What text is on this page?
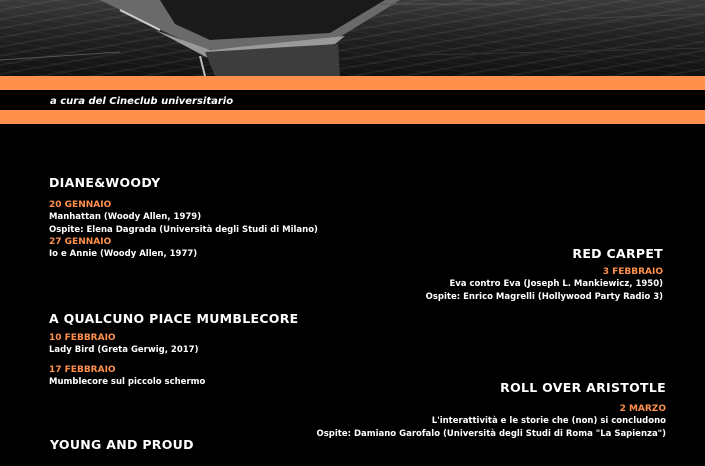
a cura del Cineclub universitario
DIANE&WOODY
20 GENNAIO
Manhattan (Woody Allen, 1979)
Ospite: Elena Dagrada (Università degli Studi di Milano)
27 GENNAIO
Io e Annie (Woody Allen, 1977)	RED CARPET
3 FEBBRAIO
Eva contro Eva (Joseph L. Mankiewicz, 1950)
Ospite: Enrico Magrelli (Hollywood Party Radio 3)
A QUALCUNO PIACE MUMBLECORE
10 FEBBRAIO
Lady Bird (Greta Gerwig, 2017)
17 FEBBRAIO
Mumblecore sul piccolo schermo	ROLL OVER ARISTOTLE
2 MARZO
L'interattività e le storie che (non) si concludono
Ospite: Damiano Garofalo (Università degli Studi di Roma "La Sapienza")
YOUNG AND PROUD
